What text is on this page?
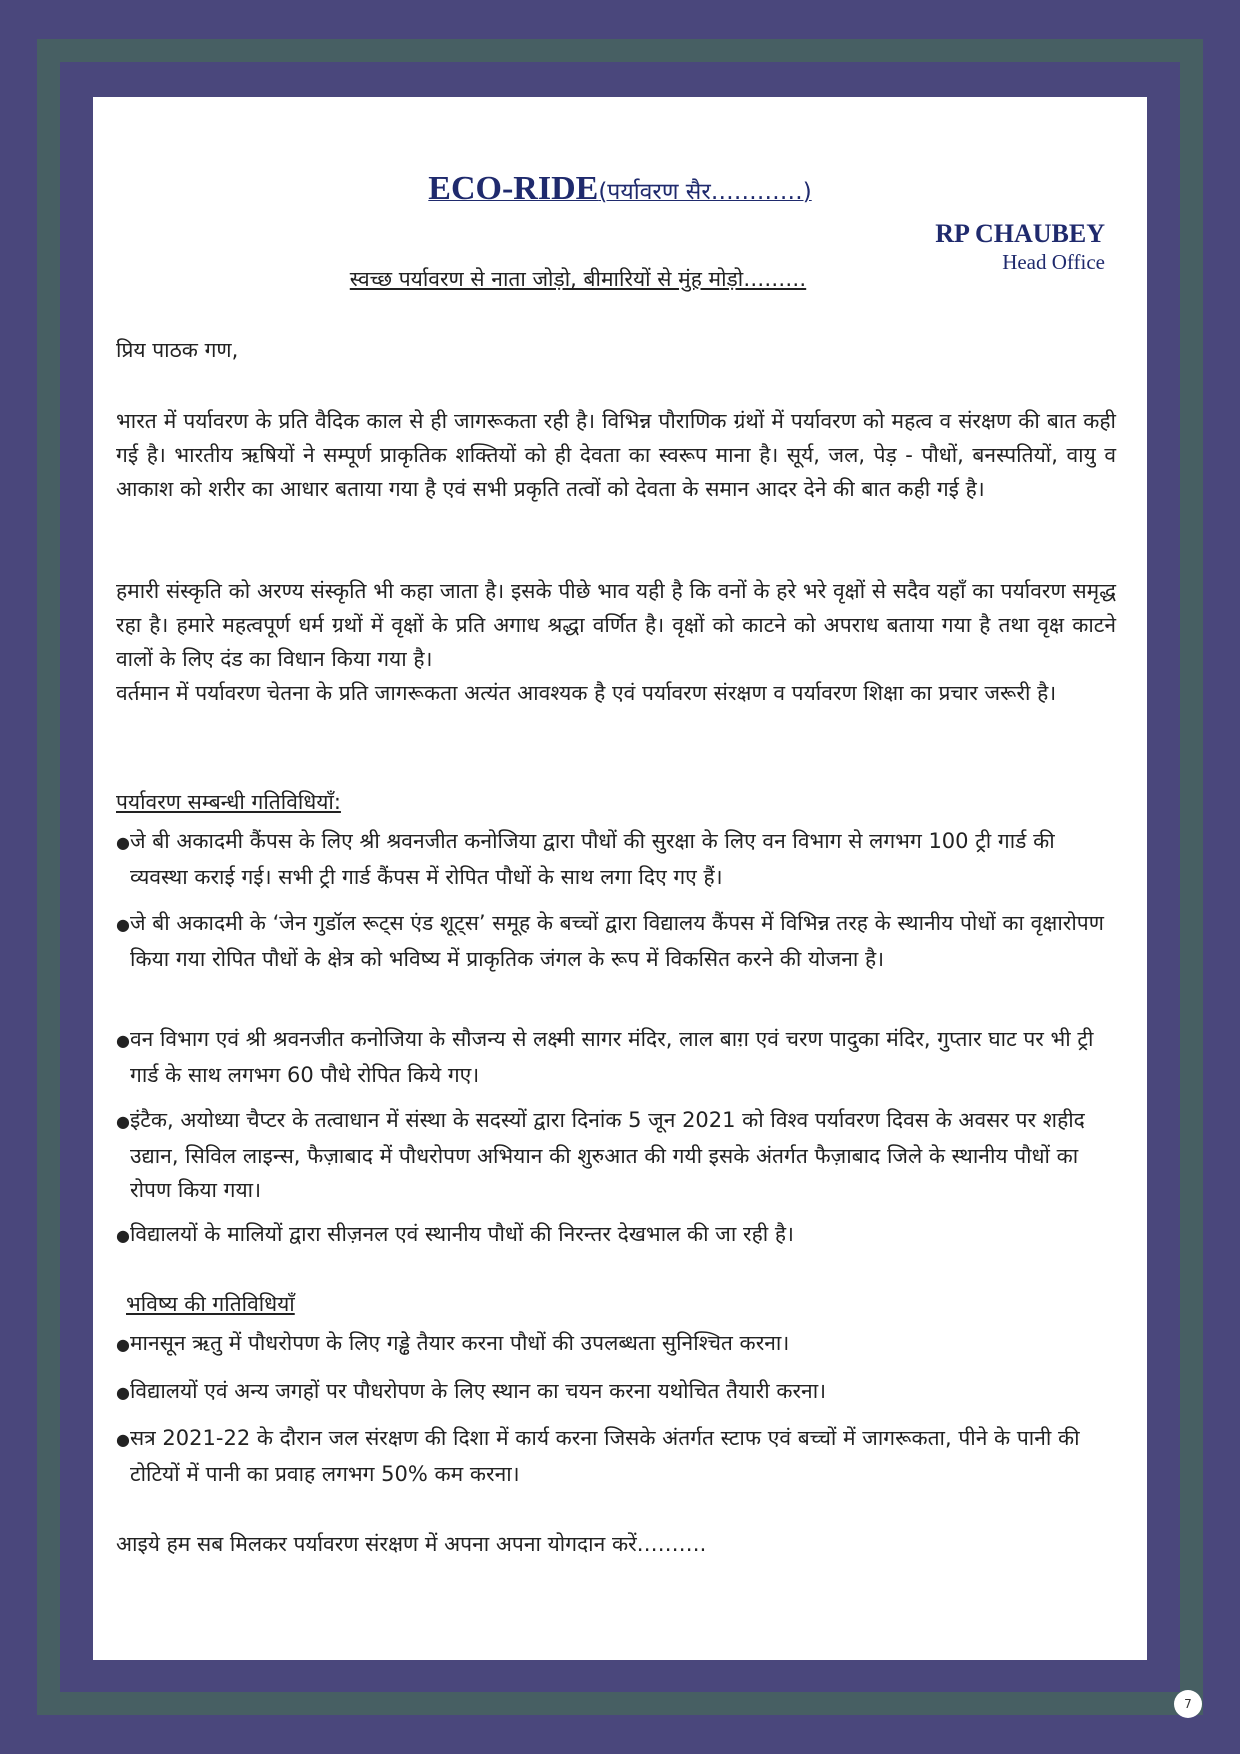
ECO-RIDE(पर्यावरण सैर…………)
RP CHAUBEY
Head Office
स्वच्छ पर्यावरण से नाता जोड़ो, बीमारियों से मुंह मोड़ो………
प्रिय पाठक गण,

भारत में पर्यावरण के प्रति वैदिक काल से ही जागरूकता रही है। विभिन्न पौराणिक ग्रंथों में पर्यावरण को महत्व व संरक्षण की बात कही गई है। भारतीय ऋषियों ने सम्पूर्ण प्राकृतिक शक्तियों को ही देवता का स्वरूप माना है। सूर्य, जल, पेड़ - पौधों, बनस्पतियों, वायु व आकाश को शरीर का आधार बताया गया है एवं सभी प्रकृति तत्वों को देवता के समान आदर देने की बात कही गई है।

हमारी संस्कृति को अरण्य संस्कृति भी कहा जाता है। इसके पीछे भाव यही है कि वनों के हरे भरे वृक्षों से सदैव यहाँ का पर्यावरण समृद्ध रहा है। हमारे महत्वपूर्ण धर्म ग्रथों में वृक्षों के प्रति अगाध श्रद्धा वर्णित है। वृक्षों को काटने को अपराध बताया गया है तथा वृक्ष काटने वालों के लिए दंड का विधान किया गया है।

वर्तमान में पर्यावरण चेतना के प्रति जागरूकता अत्यंत आवश्यक है एवं पर्यावरण संरक्षण व पर्यावरण शिक्षा का प्रचार जरूरी है।

पर्यावरण सम्बन्धी गतिविधियाँ:
●जे बी अकादमी कैंपस के लिए श्री श्रवनजीत कनोजिया द्वारा पौधों की सुरक्षा के लिए वन विभाग से लगभग 100 ट्री गार्ड की व्यवस्था कराई गई। सभी ट्री गार्ड कैंपस में रोपित पौधों के साथ लगा दिए गए हैं।
●जे बी अकादमी के ‘जेन गुडॉल रूट्स एंड शूट्स’ समूह के बच्चों द्वारा विद्यालय कैंपस में विभिन्न तरह के स्थानीय पोधों का वृक्षारोपण किया गया रोपित पौधों के क्षेत्र को भविष्य में प्राकृतिक जंगल के रूप में विकसित करने की योजना है।
●वन विभाग एवं श्री श्रवनजीत कनोजिया के सौजन्य से लक्ष्मी सागर मंदिर, लाल बाग़ एवं चरण पादुका मंदिर, गुप्तार घाट पर भी ट्री गार्ड के साथ लगभग 60 पौधे रोपित किये गए।
●इंटैक, अयोध्या चैप्टर के तत्वाधान में संस्था के सदस्यों द्वारा दिनांक 5 जून 2021 को विश्व पर्यावरण दिवस के अवसर पर शहीद उद्यान, सिविल लाइन्स, फैज़ाबाद में पौधरोपण अभियान की शुरुआत की गयी इसके अंतर्गत फैज़ाबाद जिले के स्थानीय पौधों का रोपण किया गया।
●विद्यालयों के मालियों द्वारा सीज़नल एवं स्थानीय पौधों की निरन्तर देखभाल की जा रही है।
भविष्य की गतिविधियाँ
●मानसून ऋतु में पौधरोपण के लिए गड्ढे तैयार करना पौधों की उपलब्धता सुनिश्चित करना।
●विद्यालयों एवं अन्य जगहों पर पौधरोपण के लिए स्थान का चयन करना यथोचित तैयारी करना।
●सत्र 2021-22 के दौरान जल संरक्षण की दिशा में कार्य करना जिसके अंतर्गत स्टाफ एवं बच्चों में जागरूकता, पीने के पानी की टोटियों में पानी का प्रवाह लगभग 50% कम करना।
आइये हम सब मिलकर पर्यावरण संरक्षण में अपना अपना योगदान करें……….
7
